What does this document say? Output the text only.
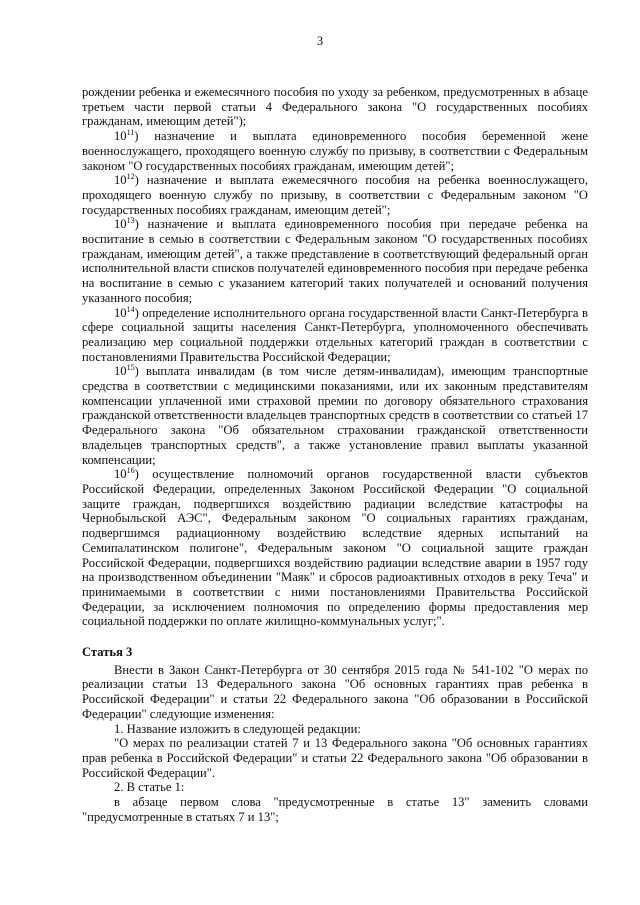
3

рождении ребенка и ежемесячного пособия по уходу за ребенком, предусмотренных в абзаце третьем части первой статьи 4 Федерального закона "О государственных пособиях гражданам, имеющим детей");

$10^{11}$) назначение и выплата единовременного пособия беременной жене военнослужащего, проходящего военную службу по призыву, в соответствии с Федеральным законом "О государственных пособиях гражданам, имеющим детей";

$10^{12}$) назначение и выплата ежемесячного пособия на ребенка военнослужащего, проходящего военную службу по призыву, в соответствии с Федеральным законом "О государственных пособиях гражданам, имеющим детей";

$10^{13}$) назначение и выплата единовременного пособия при передаче ребенка на воспитание в семью в соответствии с Федеральным законом "О государственных пособиях гражданам, имеющим детей", а также представление в соответствующий федеральный орган исполнительной власти списков получателей единовременного пособия при передаче ребенка на воспитание в семью с указанием категорий таких получателей и оснований получения указанного пособия;

$10^{14}$) определение исполнительного органа государственной власти Санкт-Петербурга в сфере социальной защиты населения Санкт-Петербурга, уполномоченного обеспечивать реализацию мер социальной поддержки отдельных категорий граждан в соответствии с постановлениями Правительства Российской Федерации;

$10^{15}$) выплата инвалидам (в том числе детям-инвалидам), имеющим транспортные средства в соответствии с медицинскими показаниями, или их законным представителям компенсации уплаченной ими страховой премии по договору обязательного страхования гражданской ответственности владельцев транспортных средств в соответствии со статьей 17 Федерального закона "Об обязательном страховании гражданской ответственности владельцев транспортных средств", а также установление правил выплаты указанной компенсации;

$10^{16}$) осуществление полномочий органов государственной власти субъектов Российской Федерации, определенных Законом Российской Федерации "О социальной защите граждан, подвергшихся воздействию радиации вследствие катастрофы на Чернобыльской АЭС", Федеральным законом "О социальных гарантиях гражданам, подвергшимся радиационному воздействию вследствие ядерных испытаний на Семипалатинском полигоне", Федеральным законом "О социальной защите граждан Российской Федерации, подвергшихся воздействию радиации вследствие аварии в 1957 году на производственном объединении "Маяк" и сбросов радиоактивных отходов в реку Теча" и принимаемыми в соответствии с ними постановлениями Правительства Российской Федерации, за исключением полномочия по определению формы предоставления мер социальной поддержки по оплате жилищно-коммунальных услуг;".

Статья 3

Внести в Закон Санкт-Петербурга от 30 сентября 2015 года № 541-102 "О мерах по реализации статьи 13 Федерального закона "Об основных гарантиях прав ребенка в Российской Федерации" и статьи 22 Федерального закона "Об образовании в Российской Федерации" следующие изменения:

1. Название изложить в следующей редакции:

"О мерах по реализации статей 7 и 13 Федерального закона "Об основных гарантиях прав ребенка в Российской Федерации" и статьи 22 Федерального закона "Об образовании в Российской Федерации".

2. В статье 1:

в абзаце первом слова "предусмотренные в статье 13" заменить словами "предусмотренные в статьях 7 и 13";
